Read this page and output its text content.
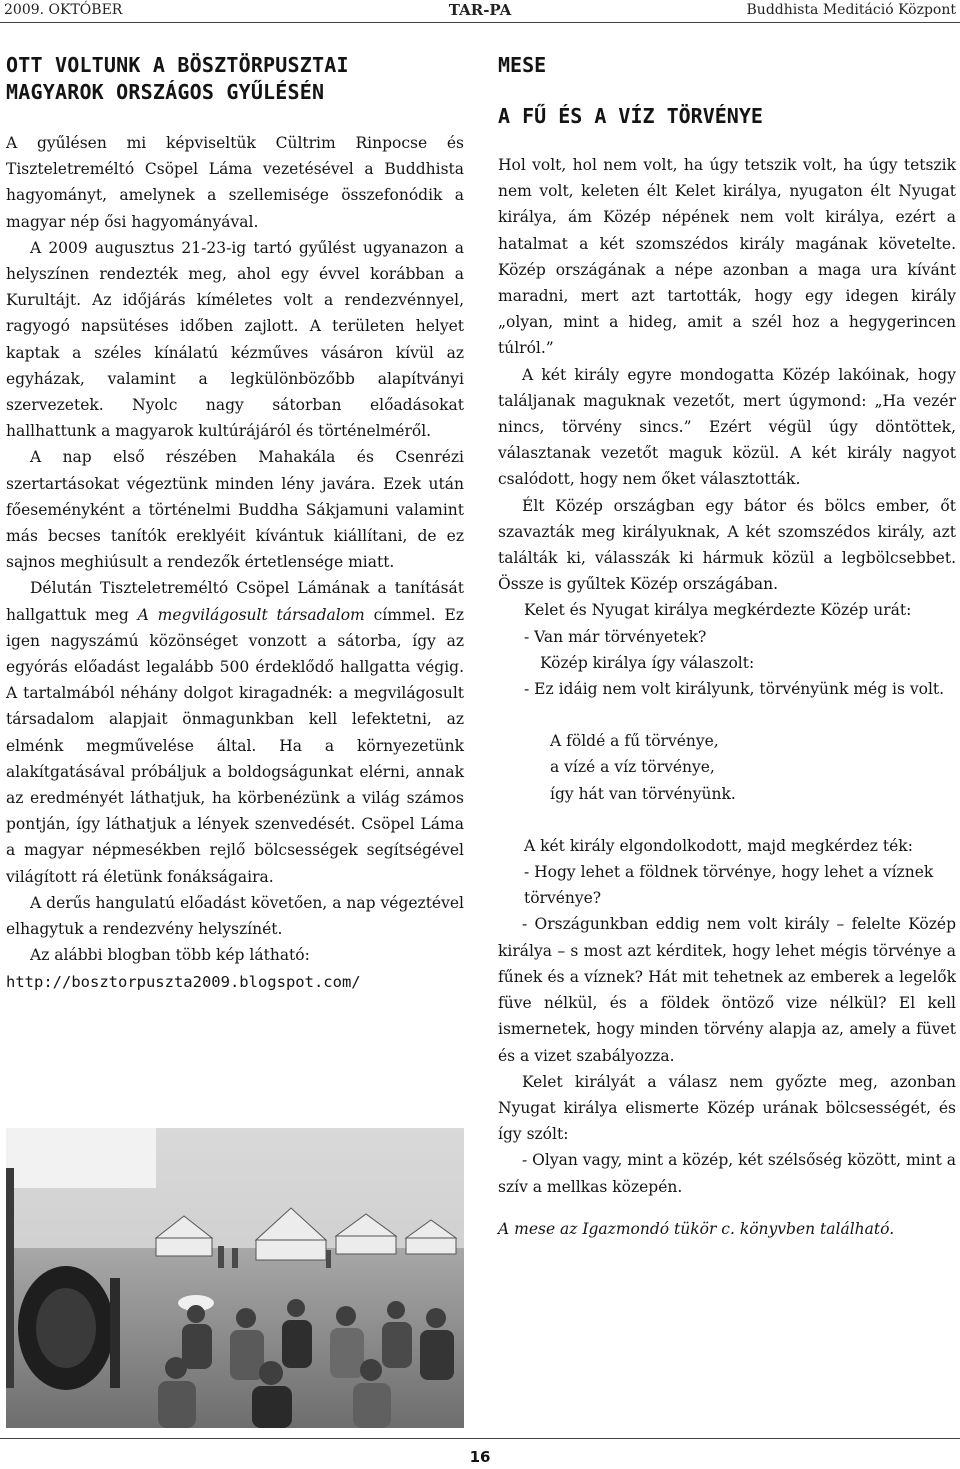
2009. OKTÓBER	TAR-PA	Buddhista Meditáció Központ
OTT VOLTUNK A BÖSZTÖRPUSZTAI
MAGYAROK ORSZÁGOS GYŰLÉSÉN

A gyűlésen mi képviseltük Cültrim Rinpocse és Tiszteletreméltó Csöpel Láma vezetésével a Buddhista hagyományt, amelynek a szellemisége összefonódik a magyar nép ősi hagyományával.

A 2009 augusztus 21-23-ig tartó gyűlést ugyanazon a helyszínen rendezték meg, ahol egy évvel korábban a Kurultájt. Az időjárás kíméletes volt a rendezvénnyel, ragyogó napsütéses időben zajlott. A területen helyet kaptak a széles kínálatú kézműves vásáron kívül az egyházak, valamint a legkülönbözőbb alapítványi szervezetek. Nyolc nagy sátorban előadásokat hallhattunk a magyarok kultúrájáról és történelméről.

A nap első részében Mahakála és Csenrézi szertartásokat végeztünk minden lény javára. Ezek után főeseményként a történelmi Buddha Sákjamuni valamint más becses tanítók ereklyéit kívántuk kiállítani, de ez sajnos meghiúsult a rendezők értetlensége miatt.

Délután Tiszteletreméltó Csöpel Lámának a tanítását hallgattuk meg A megvilágosult társadalom címmel. Ez igen nagyszámú közönséget vonzott a sátorba, így az egyórás előadást legalább 500 érdeklődő hallgatta végig. A tartalmából néhány dolgot kiragadnék: a megvilágosult társadalom alapjait önmagunkban kell lefektetni, az elménk megművelése által. Ha a környezetünk alakítgatásával próbáljuk a boldogságunkat elérni, annak az eredményét láthatjuk, ha körbenézünk a világ számos pontján, így láthatjuk a lények szenvedését. Csöpel Láma a magyar népmesékben rejlő bölcsességek segítségével világított rá életünk fonákságaira.

A derűs hangulatú előadást követően, a nap végeztével elhagytuk a rendezvény helyszínét.

Az alábbi blogban több kép látható:

http://bosztorpuszta2009.blogspot.com/

MESE
A FŰ ÉS A VÍZ TÖRVÉNYE

Hol volt, hol nem volt, ha úgy tetszik volt, ha úgy tetszik nem volt, keleten élt Kelet királya, nyugaton élt Nyugat királya, ám Közép népének nem volt királya, ezért a hatalmat a két szomszédos király magának követelte. Közép országának a népe azonban a maga ura kívánt maradni, mert azt tartották, hogy egy idegen király „olyan, mint a hideg, amit a szél hoz a hegygerincen túlról.”

A két király egyre mondogatta Közép lakóinak, hogy találjanak maguknak vezetőt, mert úgymond: „Ha vezér nincs, törvény sincs.” Ezért végül úgy döntöttek, választanak vezetőt maguk közül. A két király nagyot csalódott, hogy nem őket választották.

Élt Közép országban egy bátor és bölcs ember, őt szavazták meg királyuknak, A két szomszédos király, azt találták ki, válasszák ki hármuk közül a legbölcsebbet. Össze is gyűltek Közép országában.

Kelet és Nyugat királya megkérdezte Közép urát:
- Van már törvényetek?
Közép királya így válaszolt:
- Ez idáig nem volt királyunk, törvényünk még is volt.
A földé a fű törvénye,
a vízé a víz törvénye,
így hát van törvényünk.
A két király elgondolkodott, majd megkérdez ték:
- Hogy lehet a földnek törvénye, hogy lehet a víznek törvénye?

- Országunkban eddig nem volt király – felelte Közép királya – s most azt kérditek, hogy lehet mégis törvénye a fűnek és a víznek? Hát mit tehetnek az emberek a legelők füve nélkül, és a földek öntöző vize nélkül? El kell ismernetek, hogy minden törvény alapja az, amely a füvet és a vizet szabályozza.

Kelet királyát a válasz nem győzte meg, azonban Nyugat királya elismerte Közép urának bölcsességét, és így szólt:

- Olyan vagy, mint a közép, két szélsőség között, mint a szív a mellkas közepén.

A mese az Igazmondó tükör c. könyvben található.
16
